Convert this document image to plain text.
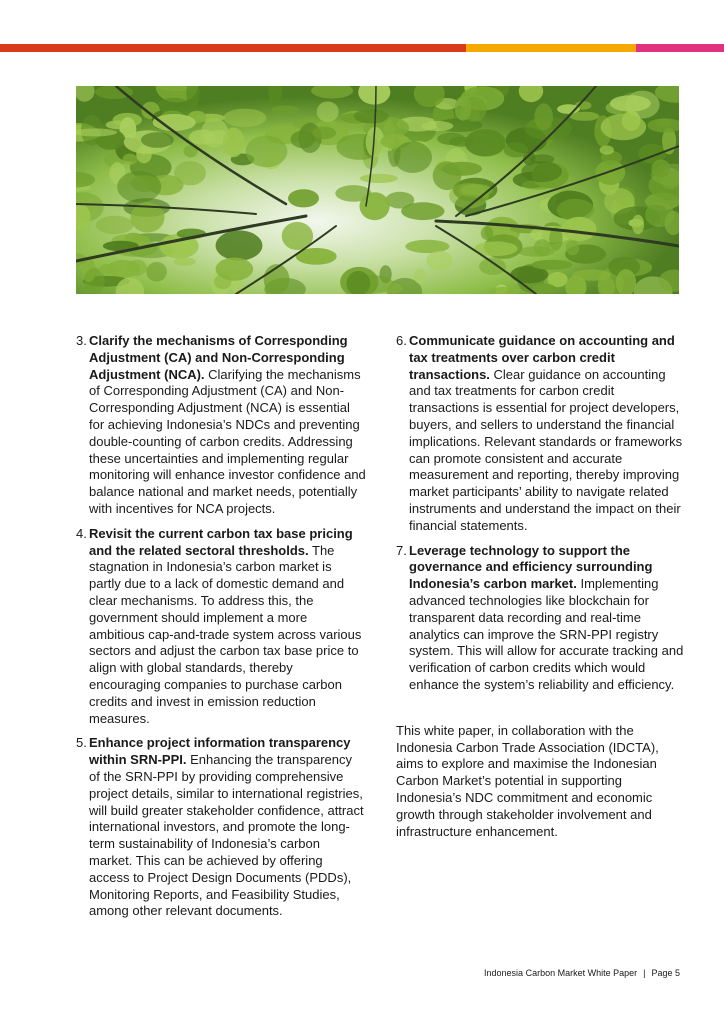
3. Clarify the mechanisms of Corresponding Adjustment (CA) and Non-Corresponding Adjustment (NCA). Clarifying the mechanisms of Corresponding Adjustment (CA) and Non-Corresponding Adjustment (NCA) is essential for achieving Indonesia’s NDCs and preventing double-counting of carbon credits. Addressing these uncertainties and implementing regular monitoring will enhance investor confidence and balance national and market needs, potentially with incentives for NCA projects.
4. Revisit the current carbon tax base pricing and the related sectoral thresholds. The stagnation in Indonesia’s carbon market is partly due to a lack of domestic demand and clear mechanisms. To address this, the government should implement a more ambitious cap-and-trade system across various sectors and adjust the carbon tax base price to align with global standards, thereby encouraging companies to purchase carbon credits and invest in emission reduction measures.
5. Enhance project information transparency within SRN-PPI. Enhancing the transparency of the SRN-PPI by providing comprehensive project details, similar to international registries, will build greater stakeholder confidence, attract international investors, and promote the long-term sustainability of Indonesia’s carbon market. This can be achieved by offering access to Project Design Documents (PDDs), Monitoring Reports, and Feasibility Studies, among other relevant documents.
6. Communicate guidance on accounting and tax treatments over carbon credit transactions. Clear guidance on accounting and tax treatments for carbon credit transactions is essential for project developers, buyers, and sellers to understand the financial implications. Relevant standards or frameworks can promote consistent and accurate measurement and reporting, thereby improving market participants’ ability to navigate related instruments and understand the impact on their financial statements.
7. Leverage technology to support the governance and efficiency surrounding Indonesia’s carbon market. Implementing advanced technologies like blockchain for transparent data recording and real-time analytics can improve the SRN-PPI registry system. This will allow for accurate tracking and verification of carbon credits which would enhance the system’s reliability and efficiency.

This white paper, in collaboration with the Indonesia Carbon Trade Association (IDCTA), aims to explore and maximise the Indonesian Carbon Market’s potential in supporting Indonesia’s NDC commitment and economic growth through stakeholder involvement and infrastructure enhancement.

Indonesia Carbon Market White Paper | Page 5
